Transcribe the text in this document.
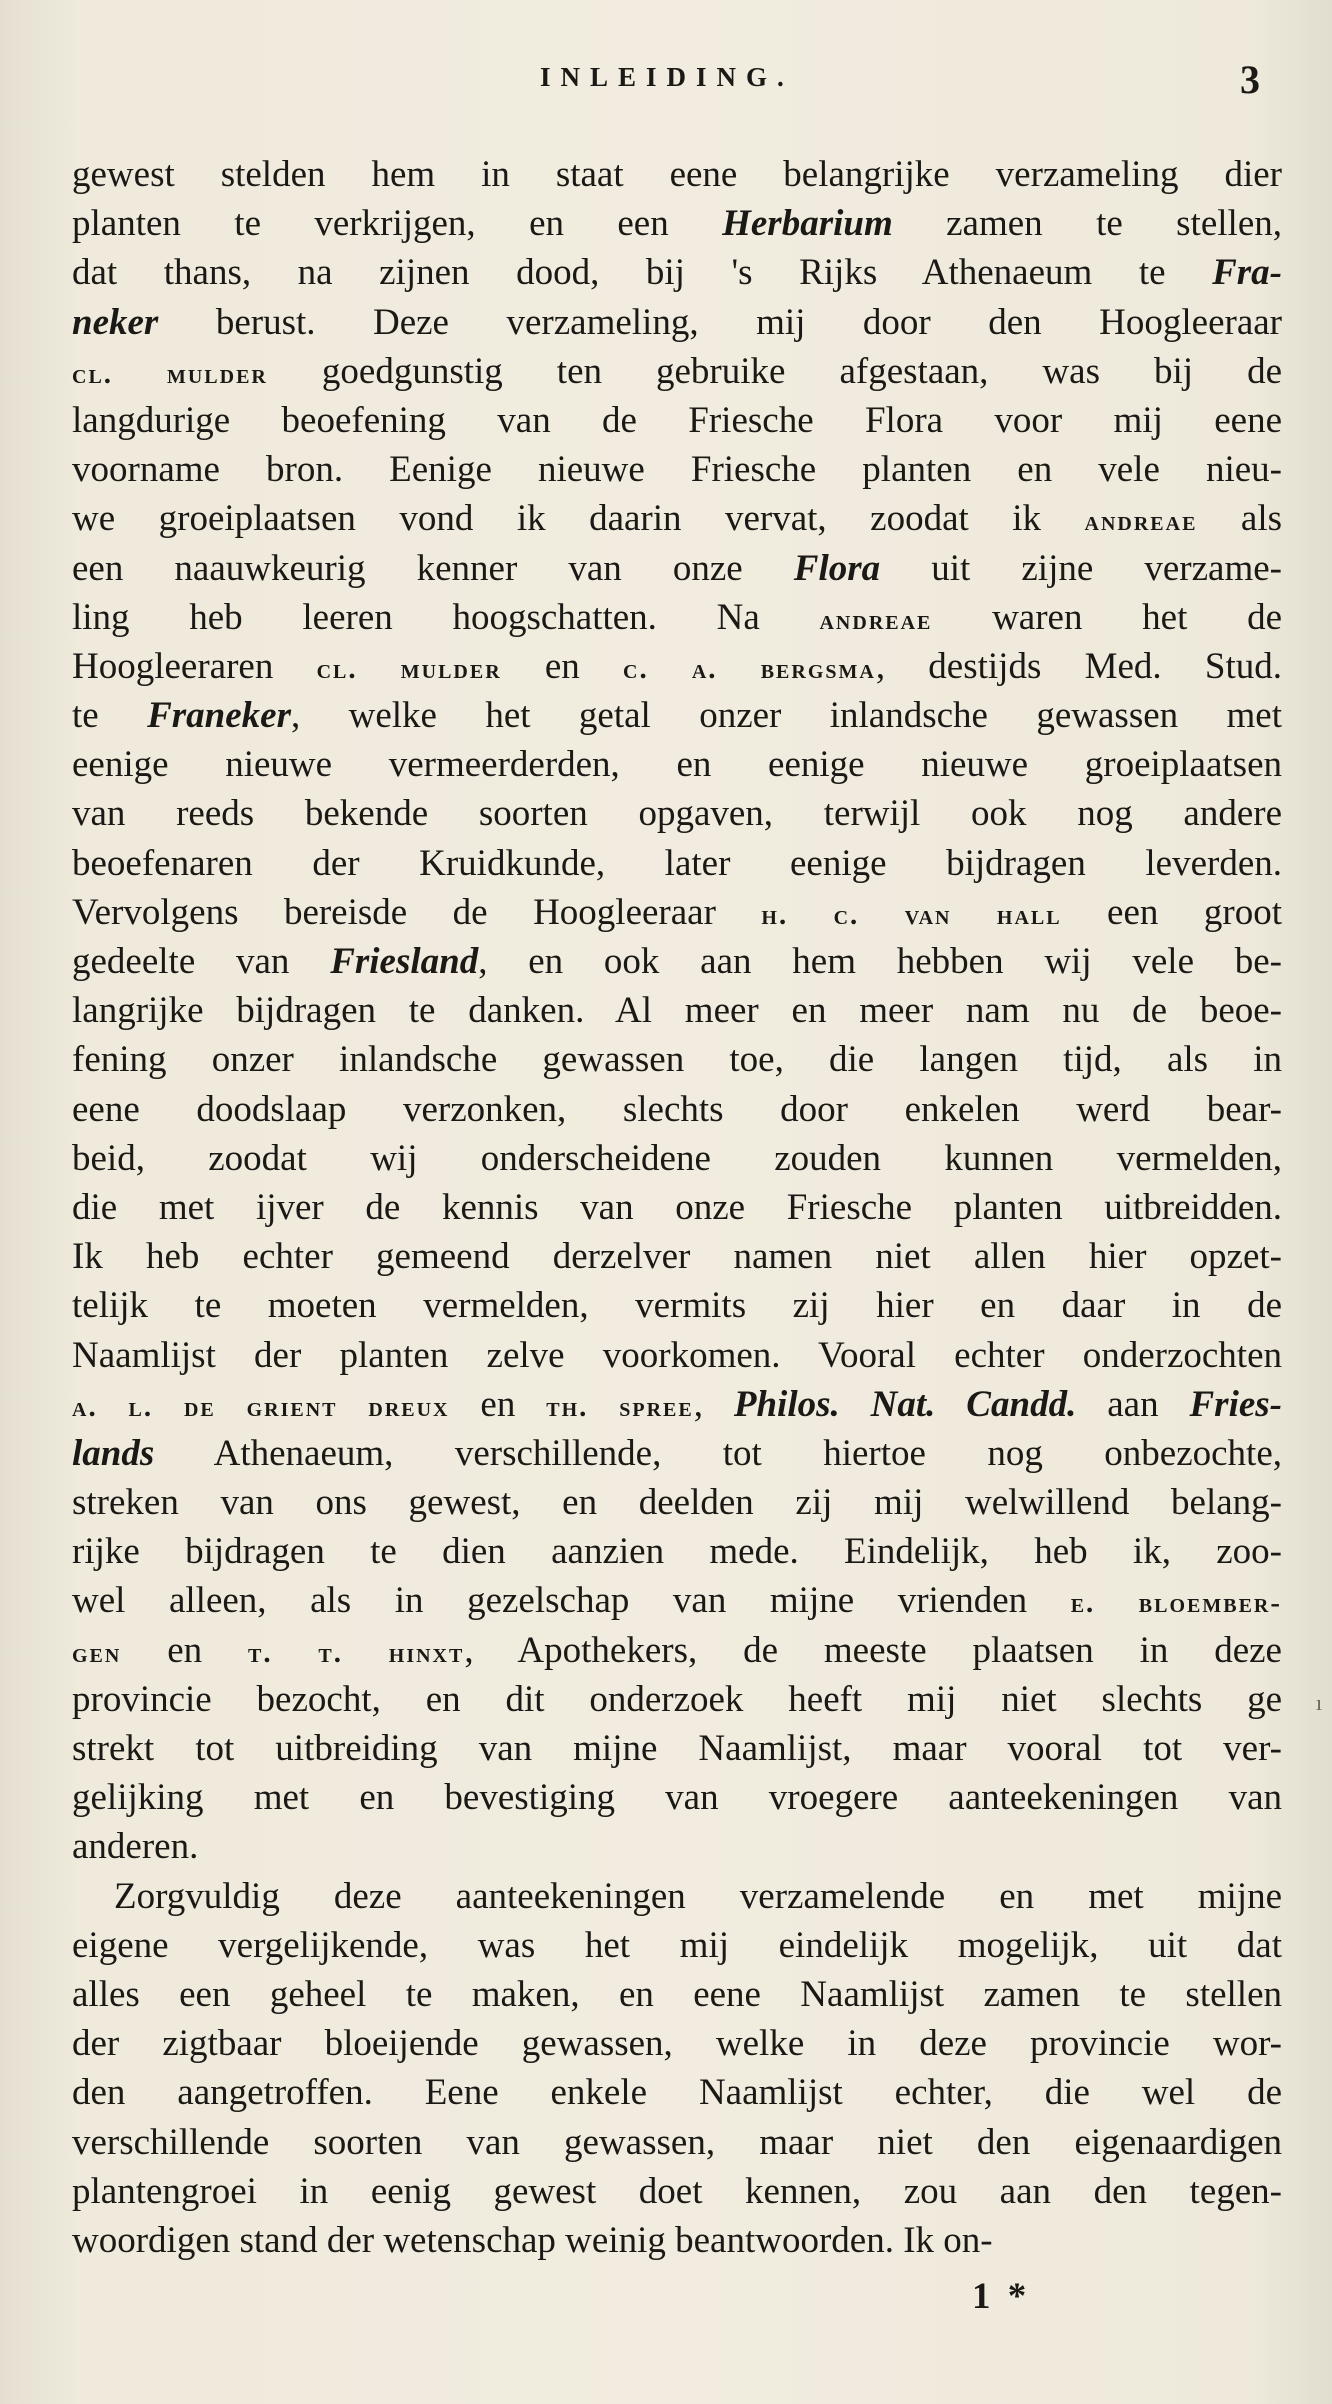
INLEIDING.	3
gewest stelden hem in staat eene belangrijke verzameling dier
planten te verkrijgen, en een Herbarium zamen te stellen,
dat thans, na zijnen dood, bij 's Rijks Athenaeum te Fra-
neker berust. Deze verzameling, mij door den Hoogleeraar
cl. mulder goedgunstig ten gebruike afgestaan, was bij de
langdurige beoefening van de Friesche Flora voor mij eene
voorname bron. Eenige nieuwe Friesche planten en vele nieu-
we groeiplaatsen vond ik daarin vervat, zoodat ik andreae als
een naauwkeurig kenner van onze Flora uit zijne verzame-
ling heb leeren hoogschatten. Na andreae waren het de
Hoogleeraren cl. mulder en c. a. bergsma, destijds Med. Stud.
te Franeker, welke het getal onzer inlandsche gewassen met
eenige nieuwe vermeerderden, en eenige nieuwe groeiplaatsen
van reeds bekende soorten opgaven, terwijl ook nog andere
beoefenaren der Kruidkunde, later eenige bijdragen leverden.
Vervolgens bereisde de Hoogleeraar h. c. van hall een groot
gedeelte van Friesland, en ook aan hem hebben wij vele be-
langrijke bijdragen te danken. Al meer en meer nam nu de beoe-
fening onzer inlandsche gewassen toe, die langen tijd, als in
eene doodslaap verzonken, slechts door enkelen werd bear-
beid, zoodat wij onderscheidene zouden kunnen vermelden,
die met ijver de kennis van onze Friesche planten uitbreidden.
Ik heb echter gemeend derzelver namen niet allen hier opzet-
telijk te moeten vermelden, vermits zij hier en daar in de
Naamlijst der planten zelve voorkomen. Vooral echter onderzochten
a. l. de grient dreux en th. spree, Philos. Nat. Candd. aan Fries-
lands Athenaeum, verschillende, tot hiertoe nog onbezochte,
streken van ons gewest, en deelden zij mij welwillend belang-
rijke bijdragen te dien aanzien mede. Eindelijk, heb ik, zoo-
wel alleen, als in gezelschap van mijne vrienden e. bloember-
gen en t. t. hinxt, Apothekers, de meeste plaatsen in deze
provincie bezocht, en dit onderzoek heeft mij niet slechts ge
strekt tot uitbreiding van mijne Naamlijst, maar vooral tot ver-
gelijking met en bevestiging van vroegere aanteekeningen van
anderen.
Zorgvuldig deze aanteekeningen verzamelende en met mijne
eigene vergelijkende, was het mij eindelijk mogelijk, uit dat
alles een geheel te maken, en eene Naamlijst zamen te stellen
der zigtbaar bloeijende gewassen, welke in deze provincie wor-
den aangetroffen. Eene enkele Naamlijst echter, die wel de
verschillende soorten van gewassen, maar niet den eigenaardigen
plantengroei in eenig gewest doet kennen, zou aan den tegen-
woordigen stand der wetenschap weinig beantwoorden. Ik on-
1 *
ı
